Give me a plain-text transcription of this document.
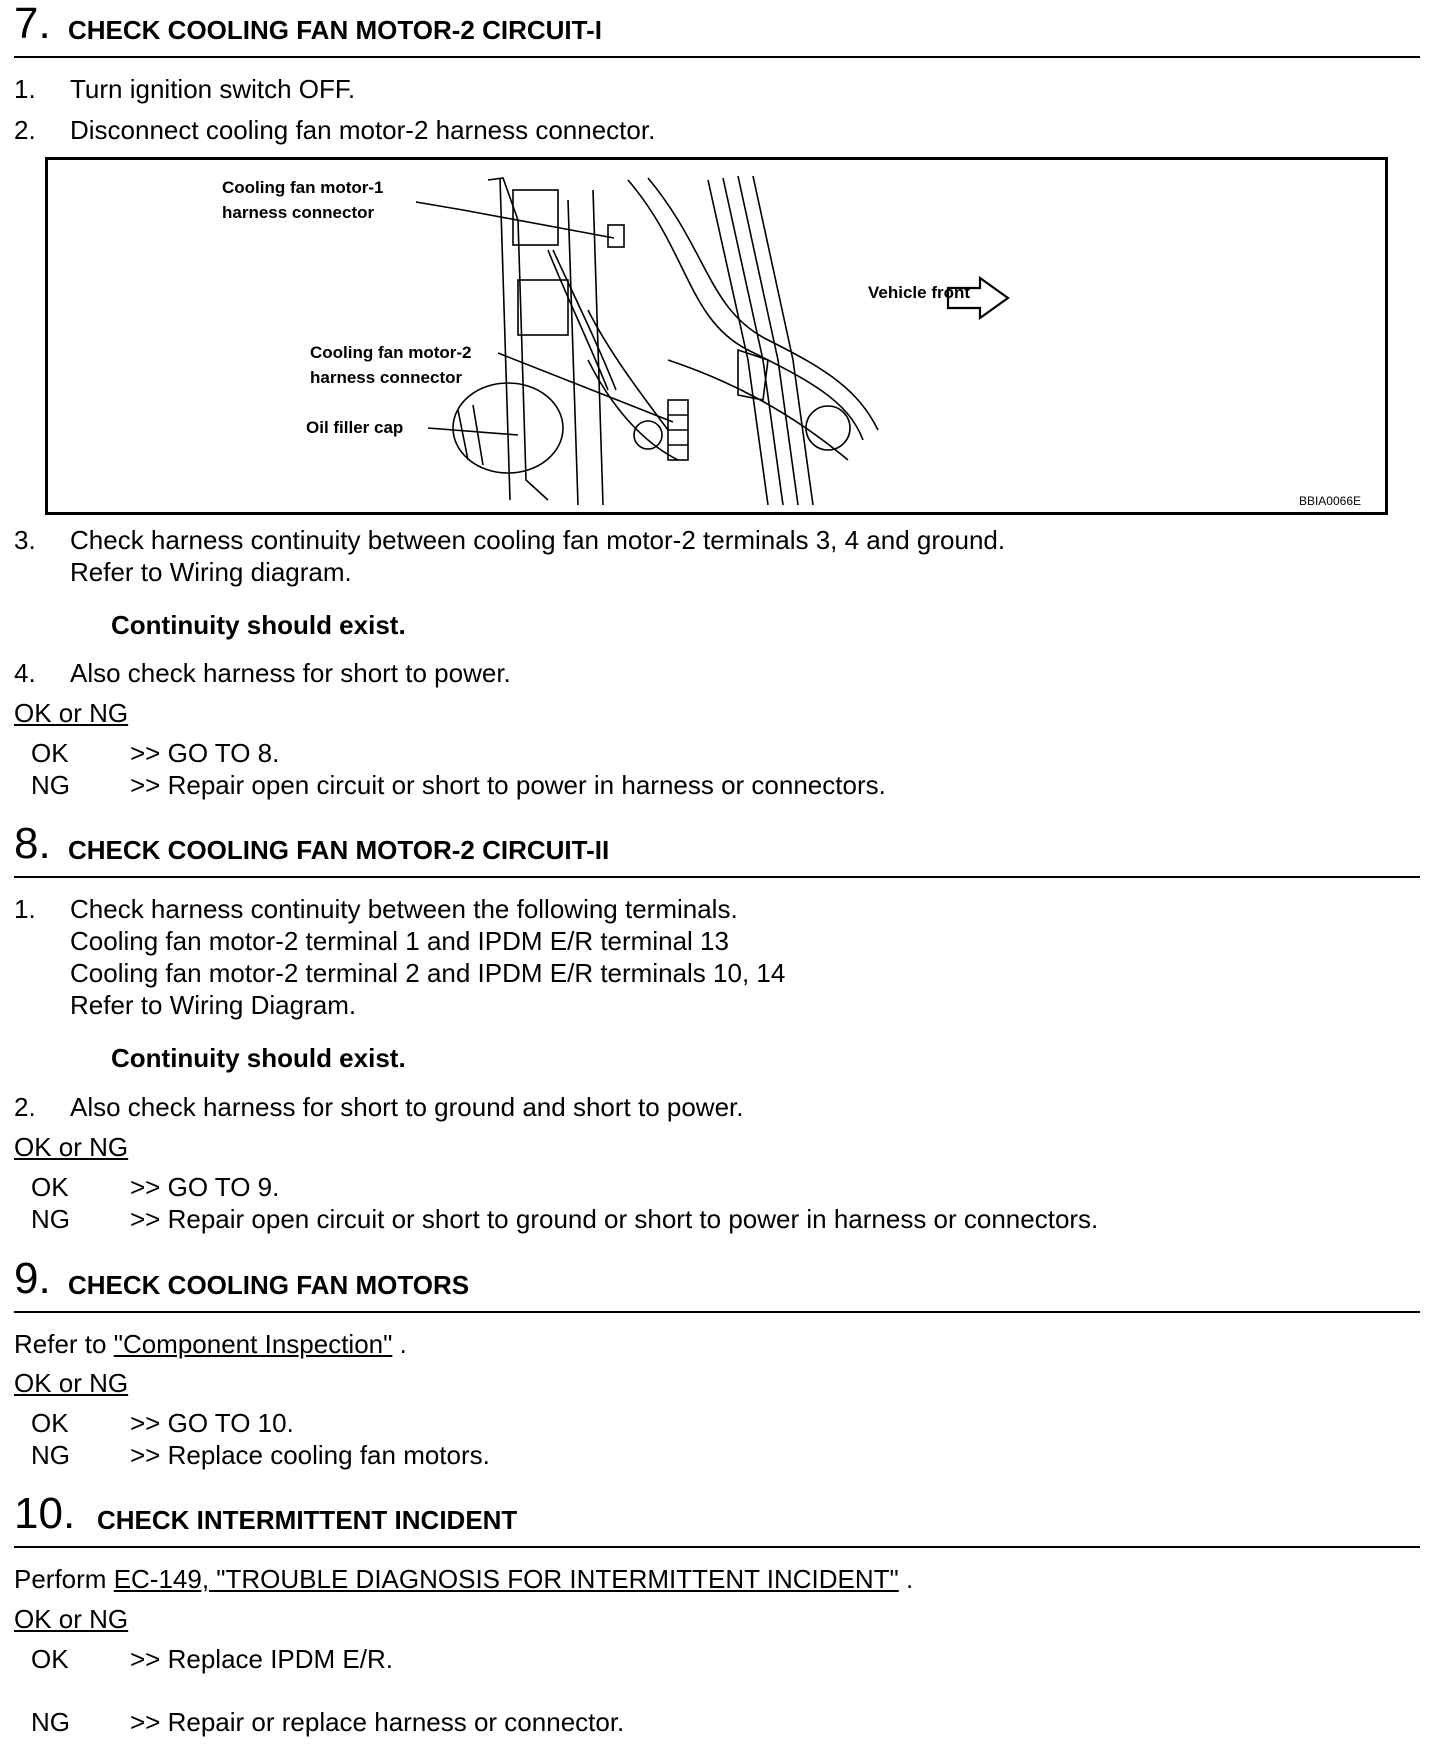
7. CHECK COOLING FAN MOTOR-2 CIRCUIT-I
1. Turn ignition switch OFF.
2. Disconnect cooling fan motor-2 harness connector.
Cooling fan motor-1
harness connector
Cooling fan motor-2
harness connector
Oil filler cap
Vehicle front
BBIA0066E
3. Check harness continuity between cooling fan motor-2 terminals 3, 4 and ground.
Refer to Wiring diagram.
Continuity should exist.
4. Also check harness for short to power.
OK or NG
OK >> GO TO 8.
NG >> Repair open circuit or short to power in harness or connectors.
8. CHECK COOLING FAN MOTOR-2 CIRCUIT-II
1. Check harness continuity between the following terminals.
Cooling fan motor-2 terminal 1 and IPDM E/R terminal 13
Cooling fan motor-2 terminal 2 and IPDM E/R terminals 10, 14
Refer to Wiring Diagram.
Continuity should exist.
2. Also check harness for short to ground and short to power.
OK or NG
OK >> GO TO 9.
NG >> Repair open circuit or short to ground or short to power in harness or connectors.
9. CHECK COOLING FAN MOTORS
Refer to "Component Inspection" .
OK or NG
OK >> GO TO 10.
NG >> Replace cooling fan motors.
10. CHECK INTERMITTENT INCIDENT
Perform EC-149, "TROUBLE DIAGNOSIS FOR INTERMITTENT INCIDENT" .
OK or NG
OK >> Replace IPDM E/R.
NG >> Repair or replace harness or connector.
